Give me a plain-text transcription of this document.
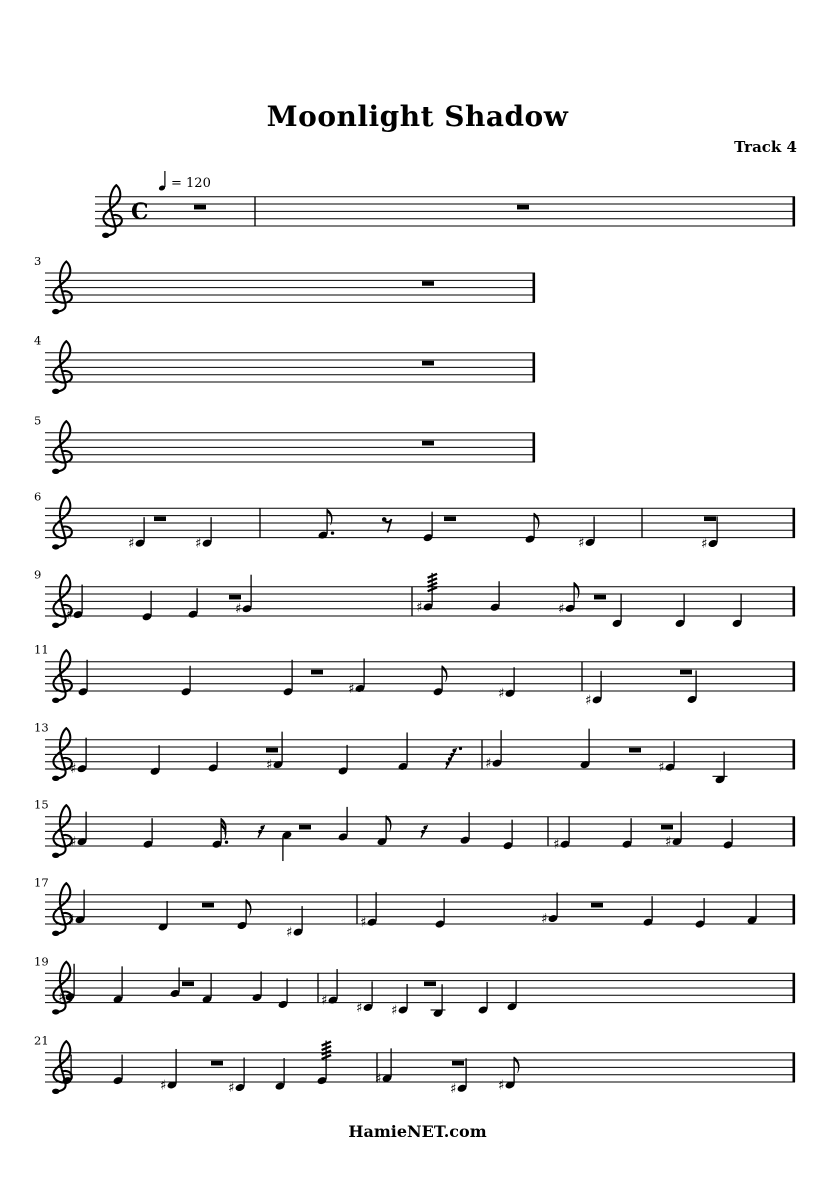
Moonlight Shadow
Track 4
C
3
4
5
6
♯	♯	♯	♯
9
♯	♯	♯	♯
11
♯	♯	♯
13
♯	♯	♯	♯
15
♯	♯	♯
17
♯
♯
♯	♯
19
♯	♯ ♯ ♯
21
♯	♯
♯
♯	♯
= 120
HamieNET.com
